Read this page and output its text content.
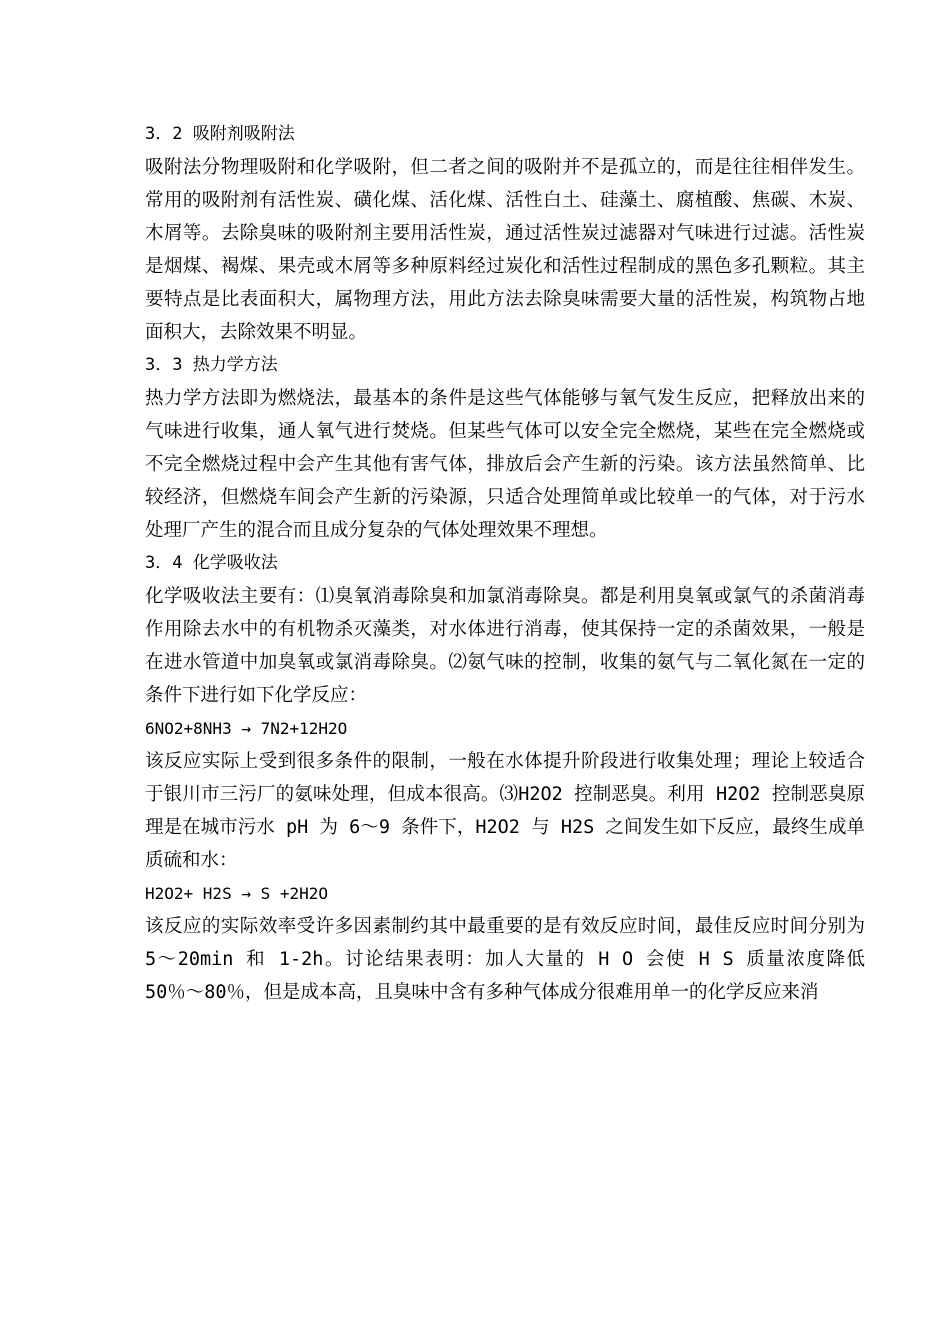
3．2 吸附剂吸附法

吸附法分物理吸附和化学吸附，但二者之间的吸附并不是孤立的，而是往往相伴发生。常用的吸附剂有活性炭、磺化煤、活化煤、活性白土、硅藻土、腐植酸、焦碳、木炭、木屑等。去除臭味的吸附剂主要用活性炭，通过活性炭过滤器对气味进行过滤。活性炭是烟煤、褐煤、果壳或木屑等多种原料经过炭化和活性过程制成的黑色多孔颗粒。其主要特点是比表面积大，属物理方法，用此方法去除臭味需要大量的活性炭，构筑物占地面积大，去除效果不明显。

3．3 热力学方法

热力学方法即为燃烧法，最基本的条件是这些气体能够与氧气发生反应，把释放出来的气味进行收集，通人氧气进行焚烧。但某些气体可以安全完全燃烧，某些在完全燃烧或不完全燃烧过程中会产生其他有害气体，排放后会产生新的污染。该方法虽然简单、比较经济，但燃烧车间会产生新的污染源，只适合处理简单或比较单一的气体，对于污水处理厂产生的混合而且成分复杂的气体处理效果不理想。

3．4 化学吸收法

化学吸收法主要有：⑴臭氧消毒除臭和加氯消毒除臭。都是利用臭氧或氯气的杀菌消毒作用除去水中的有机物杀灭藻类，对水体进行消毒，使其保持一定的杀菌效果，一般是在进水管道中加臭氧或氯消毒除臭。⑵氨气味的控制，收集的氨气与二氧化氮在一定的条件下进行如下化学反应：

6NO2+8NH3 → 7N2+12H2O

该反应实际上受到很多条件的限制，一般在水体提升阶段进行收集处理；理论上较适合于银川市三污厂的氨味处理，但成本很高。⑶H2O2 控制恶臭。利用 H2O2 控制恶臭原理是在城市污水 pH 为 6～9 条件下，H2O2 与 H2S 之间发生如下反应，最终生成单质硫和水：

H2O2+ H2S → S +2H2O

该反应的实际效率受许多因素制约其中最重要的是有效反应时间，最佳反应时间分别为 5～20min 和 1-2h。讨论结果表明：加人大量的 H O 会使 H S 质量浓度降低 50％～80％，但是成本高，且臭味中含有多种气体成分很难用单一的化学反应来消
